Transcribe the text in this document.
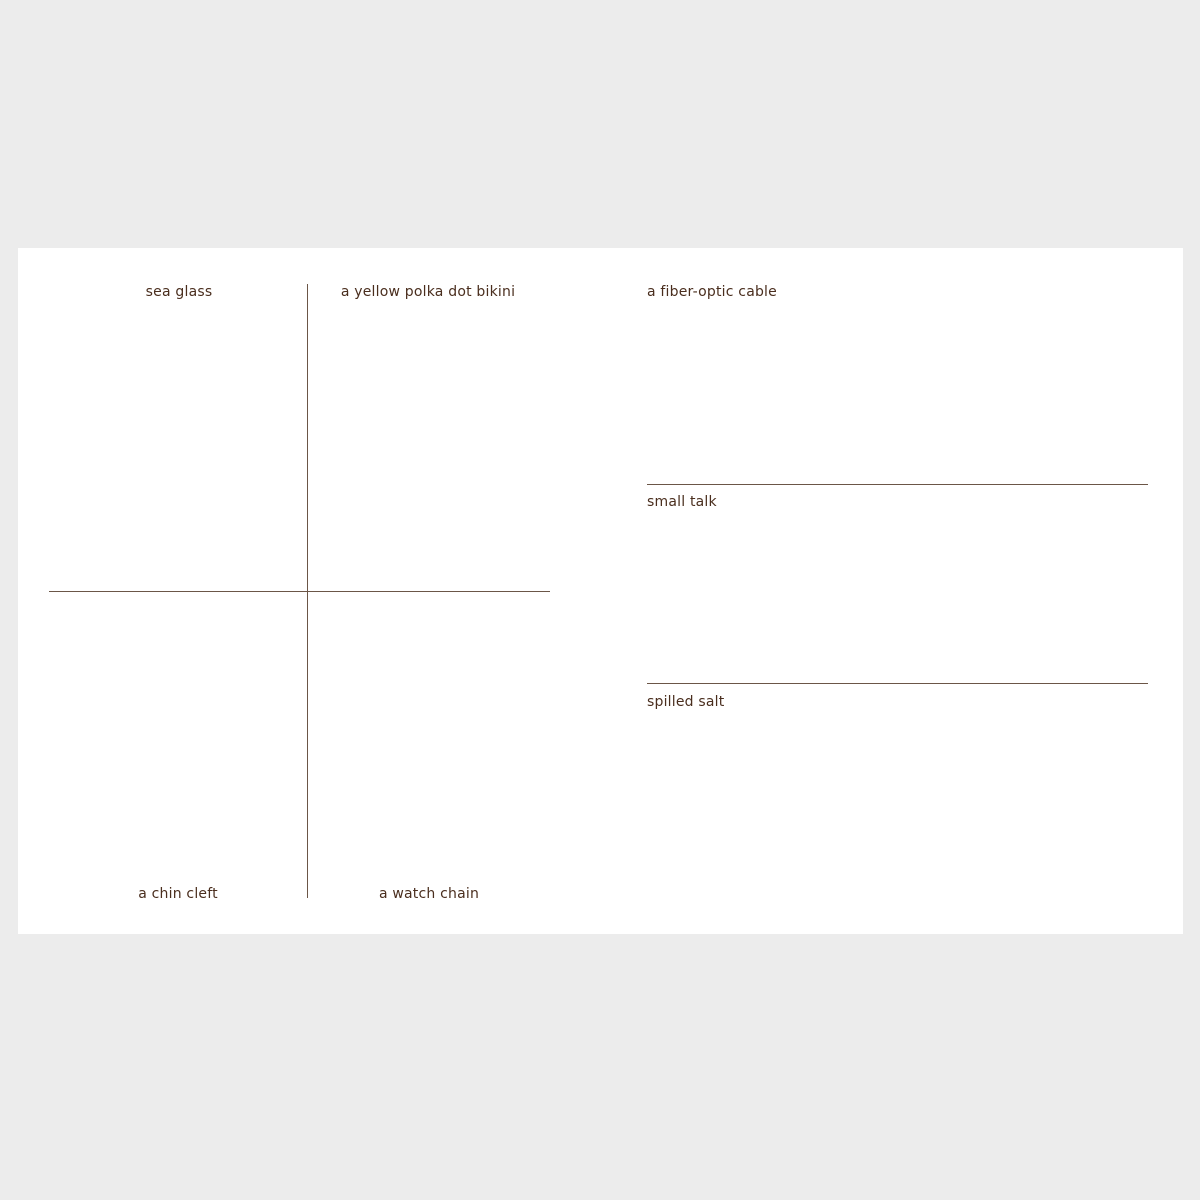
sea glass	a yellow polka dot bikini
a chin cleft	a watch chain
a fiber-optic cable
small talk
spilled salt
